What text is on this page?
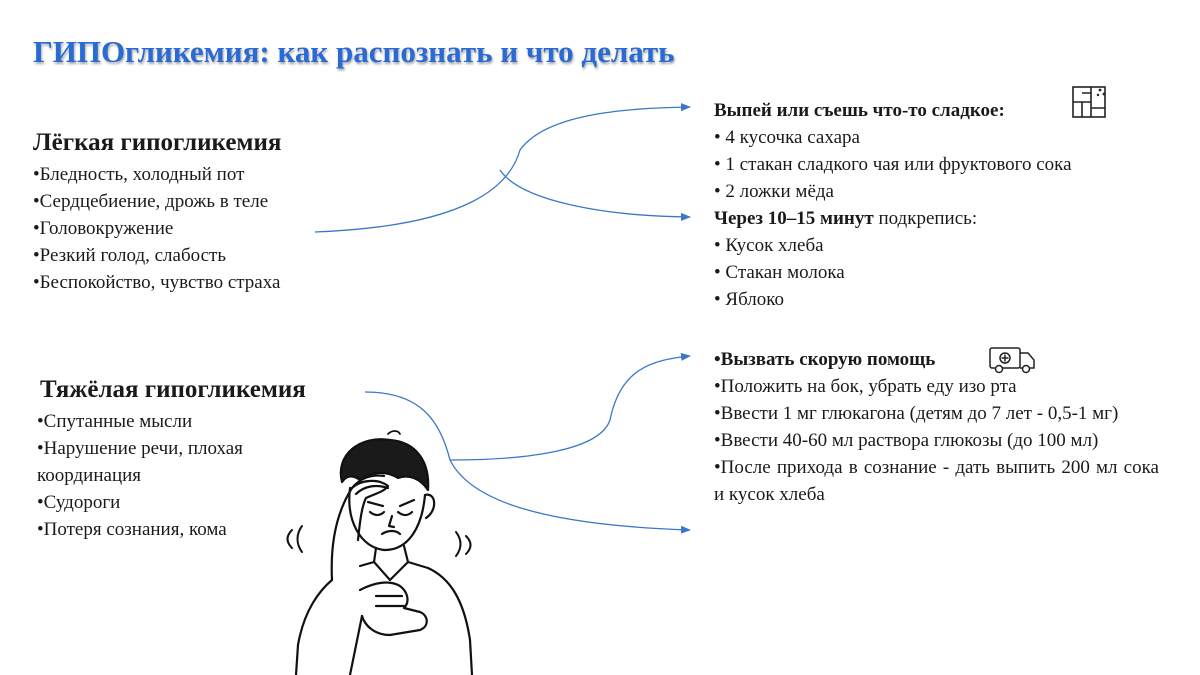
ГИПОгликемия: как распознать и что делать
Лёгкая гипогликемия
•Бледность, холодный пот
•Сердцебиение, дрожь в теле
•Головокружение
•Резкий голод, слабость
•Беспокойство, чувство страха
Выпей или съешь что-то сладкое:
• 4 кусочка сахара
• 1 стакан сладкого чая или фруктового сока
• 2 ложки мёда
Через 10–15 минут подкрепись:
• Кусок хлеба
• Стакан молока
• Яблоко
Тяжёлая гипогликемия
•Спутанные мысли
•Нарушение речи, плохая координация
•Судороги
•Потеря сознания, кома
•Вызвать скорую помощь
•Положить на бок, убрать еду изо рта
•Ввести 1 мг глюкагона (детям до 7 лет - 0,5-1 мг)
•Ввести 40-60 мл раствора глюкозы (до 100 мл)
•После прихода в сознание - дать выпить 200 мл сока и кусок хлеба
